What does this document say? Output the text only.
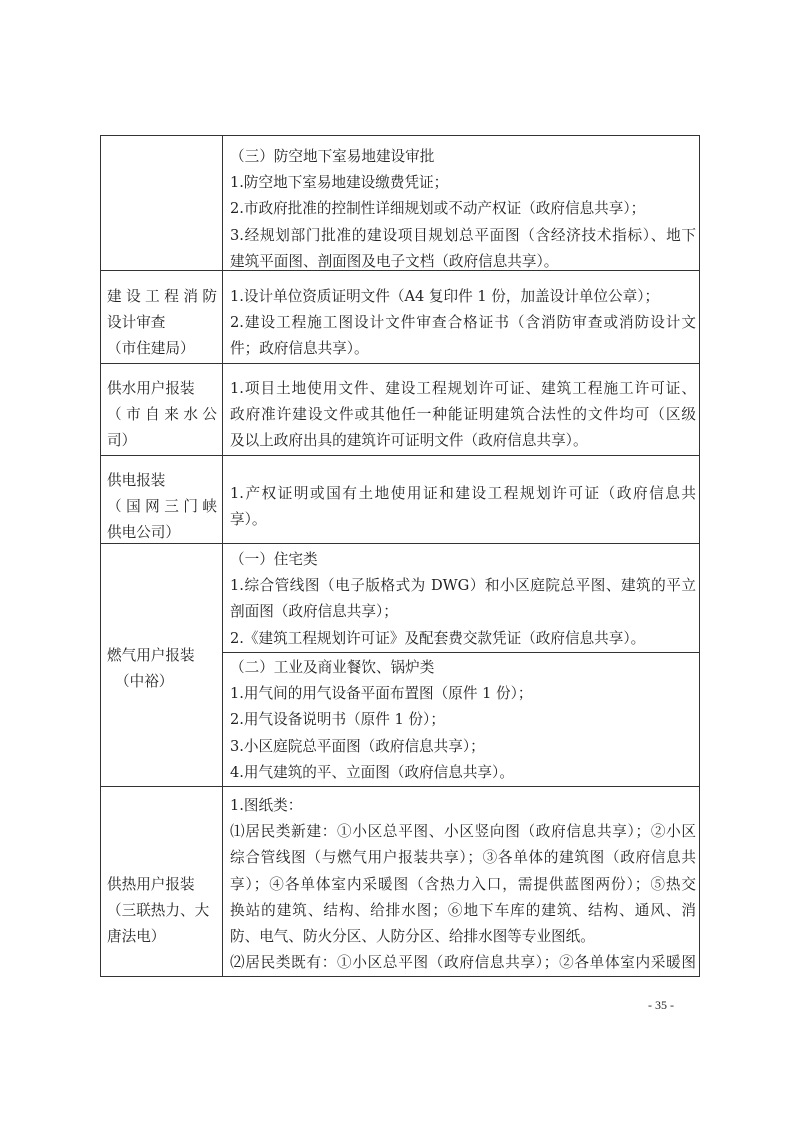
（三）防空地下室易地建设审批
1.防空地下室易地建设缴费凭证；
2.市政府批准的控制性详细规划或不动产权证（政府信息共享）；
3.经规划部门批准的建设项目规划总平面图（含经济技术指标）、地下
建筑平面图、剖面图及电子文档（政府信息共享）。
建设工程消防
设计审查
（市住建局）
1.设计单位资质证明文件（A4 复印件 1 份，加盖设计单位公章）；
2.建设工程施工图设计文件审查合格证书（含消防审查或消防设计文
件；政府信息共享）。
供水用户报装
（市自来水公
司）
1.项目土地使用文件、建设工程规划许可证、建筑工程施工许可证、
政府准许建设文件或其他任一种能证明建筑合法性的文件均可（区级
及以上政府出具的建筑许可证明文件（政府信息共享）。
供电报装
（国网三门峡
供电公司）
1.产权证明或国有土地使用证和建设工程规划许可证（政府信息共
享）。
燃气用户报装
（中裕）
（一）住宅类
1.综合管线图（电子版格式为 DWG）和小区庭院总平图、建筑的平立
剖面图（政府信息共享）；
2.《建筑工程规划许可证》及配套费交款凭证（政府信息共享）。
（二）工业及商业餐饮、锅炉类
1.用气间的用气设备平面布置图（原件 1 份）；
2.用气设备说明书（原件 1 份）；
3.小区庭院总平面图（政府信息共享）；
4.用气建筑的平、立面图（政府信息共享）。
供热用户报装
（三联热力、大
唐法电）
1.图纸类：
⑴居民类新建：①小区总平图、小区竖向图（政府信息共享）；②小区
综合管线图（与燃气用户报装共享）；③各单体的建筑图（政府信息共
享）；④各单体室内采暖图（含热力入口，需提供蓝图两份）；⑤热交
换站的建筑、结构、给排水图；⑥地下车库的建筑、结构、通风、消
防、电气、防火分区、人防分区、给排水图等专业图纸。
⑵居民类既有：①小区总平图（政府信息共享）；②各单体室内采暖图
- 35 -
